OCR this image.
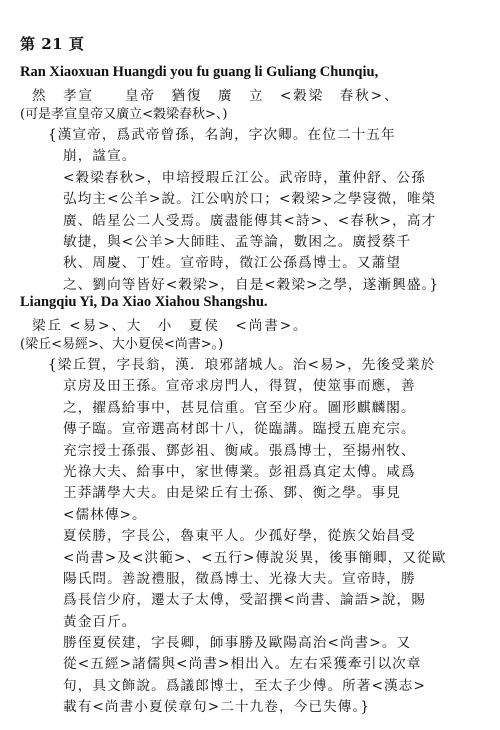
第 21 頁
Ran Xiaoxuan Huangdi you fu guang li Guliang Chunqiu,
然　孝宣　　皇帝　猶復　廣　立　<穀梁　春秋>、
(可是孝宣皇帝又廣立<穀梁春秋>、)
{漢宣帝，爲武帝曾孫，名詢，字次卿。在位二十五年
崩，諡宣。
<穀梁春秋>，申培授瑕丘江公。武帝時，董仲舒、公孫
弘均主<公羊>說。江公吶於口；<穀梁>之學寖微，唯榮
廣、皓星公二人受焉。廣盡能傳其<詩>、<春秋>，高才
敏捷，與<公羊>大師眭、孟等論，數困之。廣授蔡千
秋、周慶、丁姓。宣帝時，徵江公孫爲博士。又蕭望
之、劉向等皆好<穀梁>，自是<穀梁>之學，遂漸興盛。}
Liangqiu Yi, Da Xiao Xiahou Shangshu.
梁丘 <易>、大　小　夏侯　<尚書>。
(梁丘<易經>、大小夏侯<尚書>。)
{梁丘賀，字長翁，漢．琅邪諸城人。治<易>，先後受業於
京房及田王孫。宣帝求房門人，得賀，使筮事而應，善
之，擢爲給事中，甚見信重。官至少府。圖形麒麟閣。
傳子臨。宣帝選高材郎十八，從臨講。臨授五鹿充宗。
充宗授士孫張、鄧彭祖、衡咸。張爲博士，至揚州牧、
光祿大夫、給事中，家世傳業。彭祖爲真定太傅。咸爲
王莽講學大夫。由是梁丘有士孫、鄧、衡之學。事見
<儒林傳>。
夏侯勝，字長公，魯東平人。少孤好學，從族父始昌受
<尚書>及<洪範>、<五行>傳說災異，後事簡卿，又從歐
陽氏問。善說禮服，徵爲博士、光祿大夫。宣帝時，勝
爲長信少府，遷太子太傅，受詔撰<尚書、論語>說，賜
黃金百斤。
勝侄夏侯建，字長卿，師事勝及歐陽高治<尚書>。又
從<五經>諸儒與<尚書>相出入。左右采獲牽引以次章
句，具文飾說。爲議郎博士，至太子少傅。所著<漢志>
載有<尚書小夏侯章句>二十九卷，今已失傳。}
